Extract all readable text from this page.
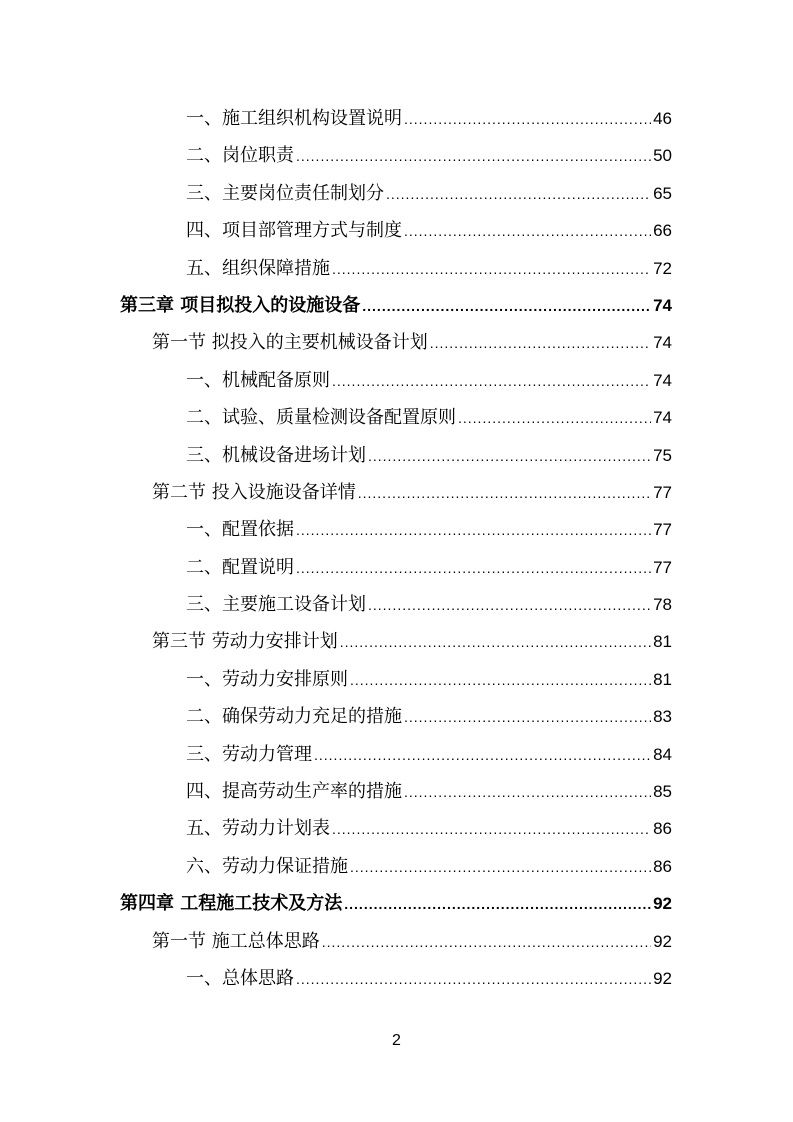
一、施工组织机构设置说明 .....	46
二、岗位职责 .....	50
三、主要岗位责任制划分 .....	65
四、项目部管理方式与制度 .....	66
五、组织保障措施 .....	72
第三章 项目拟投入的设施设备 .....	74
第一节 拟投入的主要机械设备计划 .....	74
一、机械配备原则 .....	74
二、试验、质量检测设备配置原则 .....	74
三、机械设备进场计划 .....	75
第二节 投入设施设备详情 .....	77
一、配置依据 .....	77
二、配置说明 .....	77
三、主要施工设备计划 .....	78
第三节 劳动力安排计划 .....	81
一、劳动力安排原则 .....	81
二、确保劳动力充足的措施 .....	83
三、劳动力管理 .....	84
四、提高劳动生产率的措施 .....	85
五、劳动力计划表 .....	86
六、劳动力保证措施 .....	86
第四章 工程施工技术及方法 .....	92
第一节 施工总体思路 .....	92
一、总体思路 .....	92
2
